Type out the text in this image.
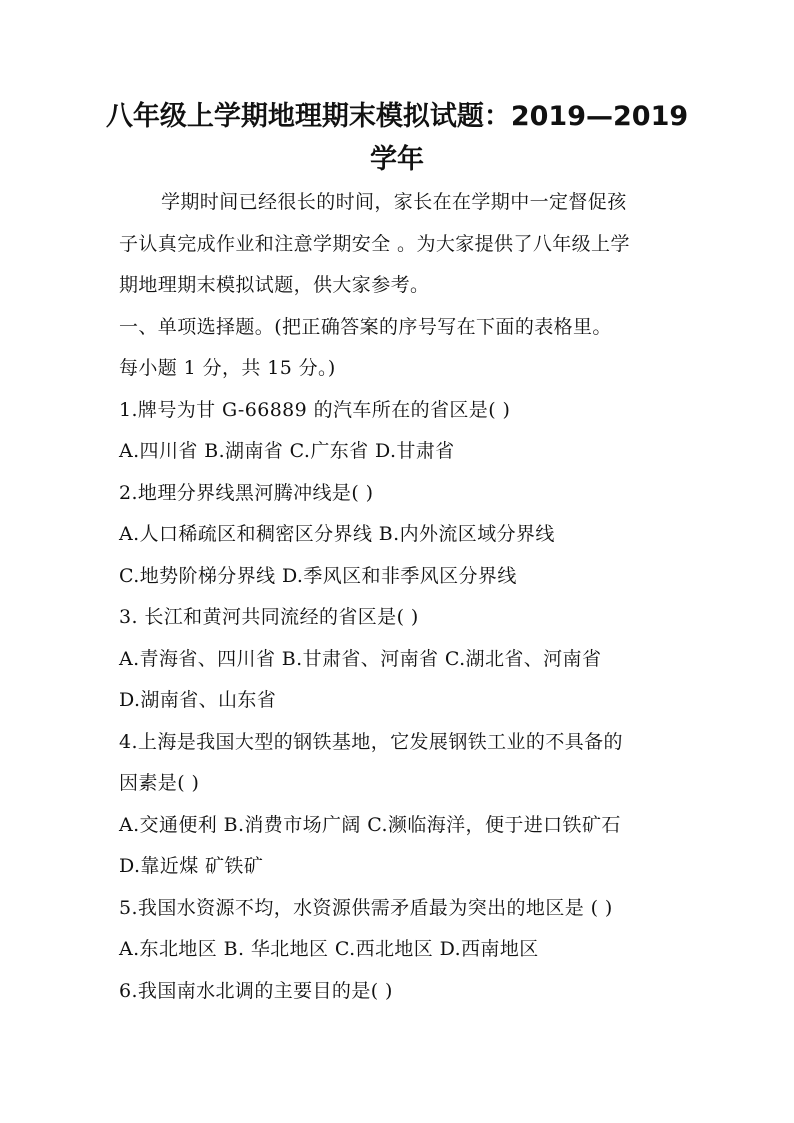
八年级上学期地理期末模拟试题：2019—2019
学年
学期时间已经很长的时间，家长在在学期中一定督促孩
子认真完成作业和注意学期安全 。为大家提供了八年级上学
期地理期末模拟试题，供大家参考。
一、单项选择题。(把正确答案的序号写在下面的表格里。
每小题 1 分，共 15 分。)
1.牌号为甘 G-66889 的汽车所在的省区是( )
A.四川省 B.湖南省 C.广东省 D.甘肃省
2.地理分界线黑河腾冲线是( )
A.人口稀疏区和稠密区分界线 B.内外流区域分界线
C.地势阶梯分界线 D.季风区和非季风区分界线
3. 长江和黄河共同流经的省区是( )
A.青海省、四川省 B.甘肃省、河南省 C.湖北省、河南省
D.湖南省、山东省
4.上海是我国大型的钢铁基地，它发展钢铁工业的不具备的
因素是( )
A.交通便利 B.消费市场广阔 C.濒临海洋，便于进口铁矿石
D.靠近煤 矿铁矿
5.我国水资源不均，水资源供需矛盾最为突出的地区是 ( )
A.东北地区 B. 华北地区 C.西北地区 D.西南地区
6.我国南水北调的主要目的是( )
